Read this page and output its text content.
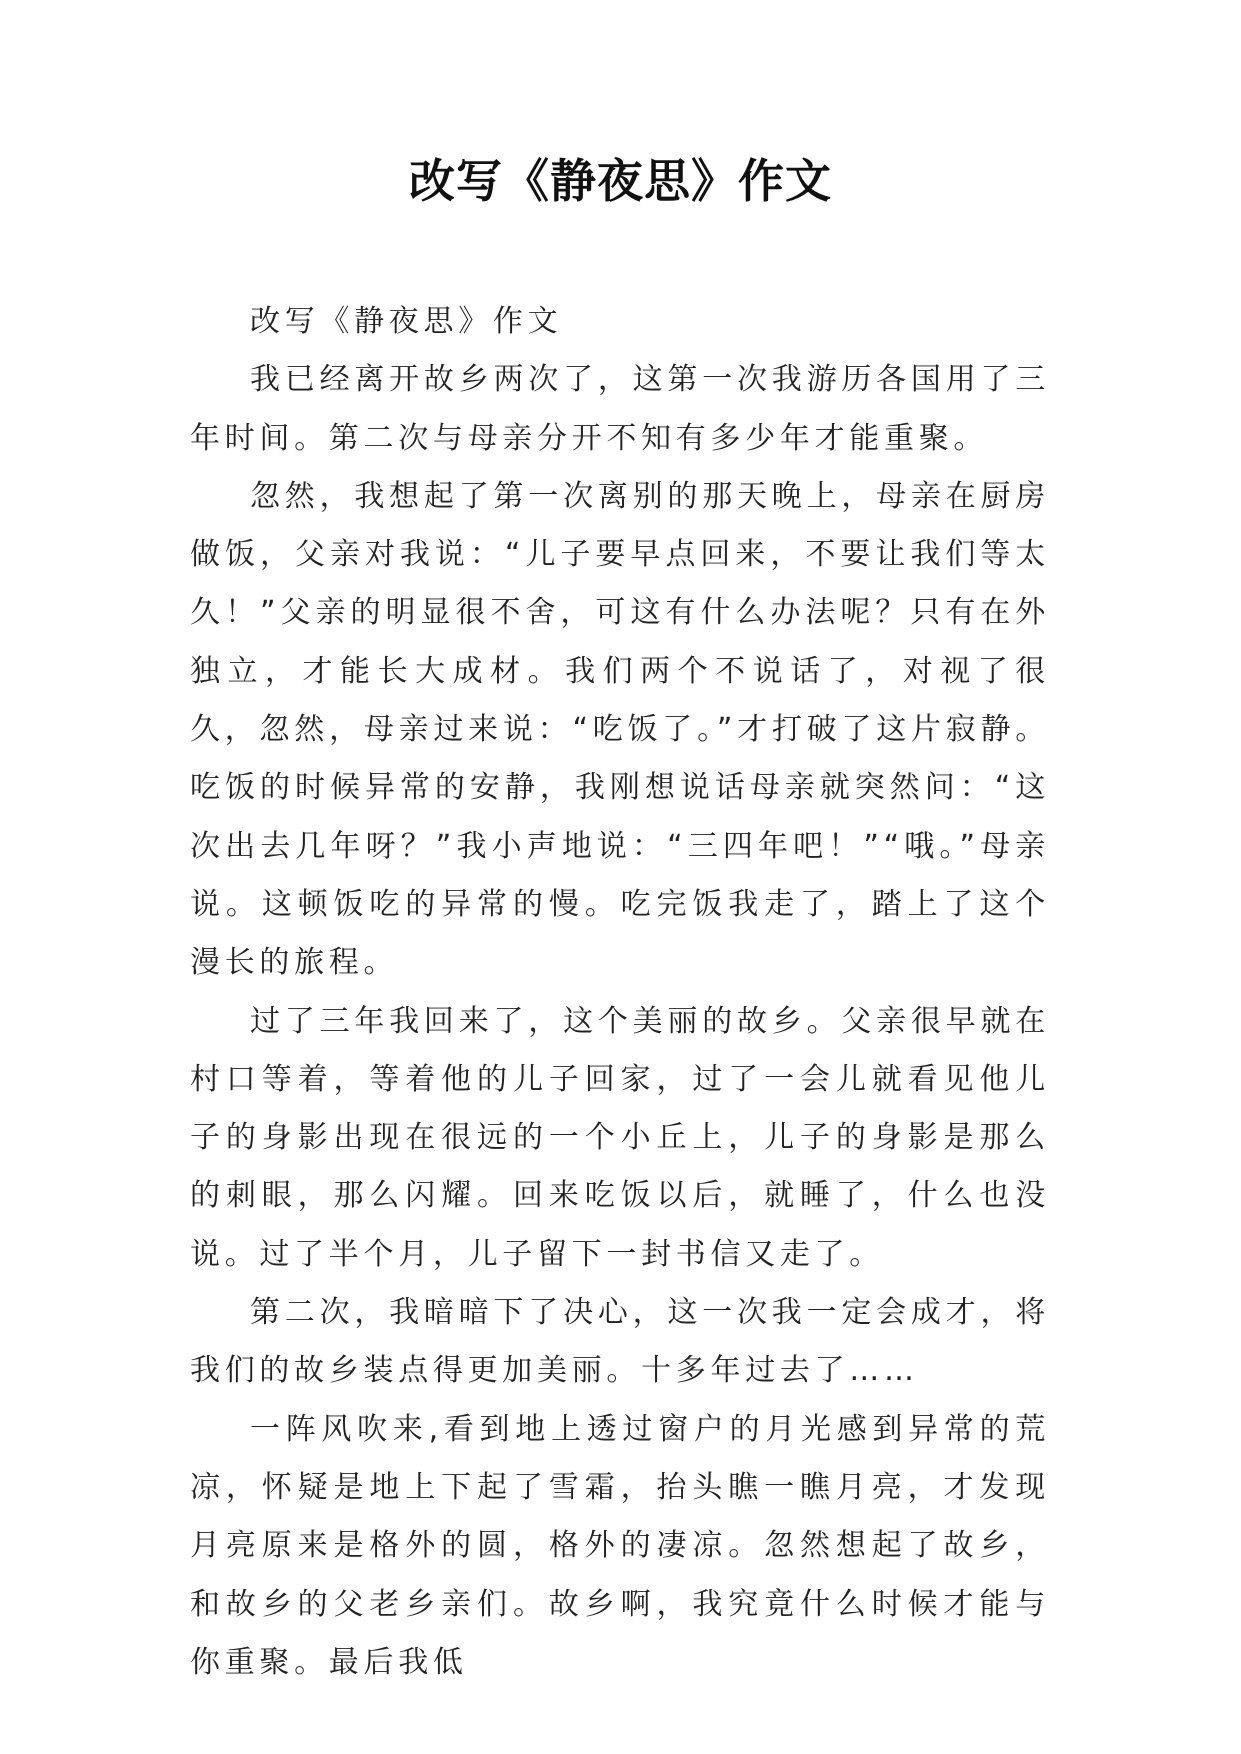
改写《静夜思》作文

改写《静夜思》作文

我已经离开故乡两次了，这第一次我游历各国用了三年时间。第二次与母亲分开不知有多少年才能重聚。

忽然，我想起了第一次离别的那天晚上，母亲在厨房做饭，父亲对我说：“儿子要早点回来，不要让我们等太久！”父亲的明显很不舍，可这有什么办法呢？只有在外独立，才能长大成材。我们两个不说话了，对视了很久，忽然，母亲过来说：“吃饭了。”才打破了这片寂静。吃饭的时候异常的安静，我刚想说话母亲就突然问：“这次出去几年呀？”我小声地说：“三四年吧！”“哦。”母亲说。这顿饭吃的异常的慢。吃完饭我走了，踏上了这个漫长的旅程。

过了三年我回来了，这个美丽的故乡。父亲很早就在村口等着，等着他的儿子回家，过了一会儿就看见他儿子的身影出现在很远的一个小丘上，儿子的身影是那么的刺眼，那么闪耀。回来吃饭以后，就睡了，什么也没说。过了半个月，儿子留下一封书信又走了。

第二次，我暗暗下了决心，这一次我一定会成才，将我们的故乡装点得更加美丽。十多年过去了……

一阵风吹来,看到地上透过窗户的月光感到异常的荒凉，怀疑是地上下起了雪霜，抬头瞧一瞧月亮，才发现月亮原来是格外的圆，格外的凄凉。忽然想起了故乡，和故乡的父老乡亲们。故乡啊，我究竟什么时候才能与你重聚。最后我低
